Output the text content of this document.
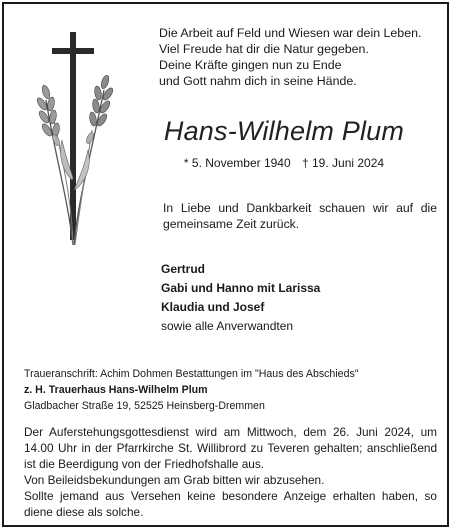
Die Arbeit auf Feld und Wiesen war dein Leben.
Viel Freude hat dir die Natur gegeben.
Deine Kräfte gingen nun zu Ende
und Gott nahm dich in seine Hände.
Hans-Wilhelm Plum
* 5. November 1940 † 19. Juni 2024
In Liebe und Dankbarkeit schauen wir auf die gemeinsame Zeit zurück.
Gertrud
Gabi und Hanno mit Larissa
Klaudia und Josef
sowie alle Anverwandten
Traueranschrift: Achim Dohmen Bestattungen im "Haus des Abschieds"
z. H. Trauerhaus Hans-Wilhelm Plum
Gladbacher Straße 19, 52525 Heinsberg-Dremmen

Der Auferstehungsgottesdienst wird am Mittwoch, dem 26. Juni 2024, um 14.00 Uhr in der Pfarrkirche St. Willibrord zu Teveren gehalten; anschließend ist die Beerdigung von der Friedhofshalle aus.

Von Beileidsbekundungen am Grab bitten wir abzusehen.

Sollte jemand aus Versehen keine besondere Anzeige erhalten haben, so diene diese als solche.
